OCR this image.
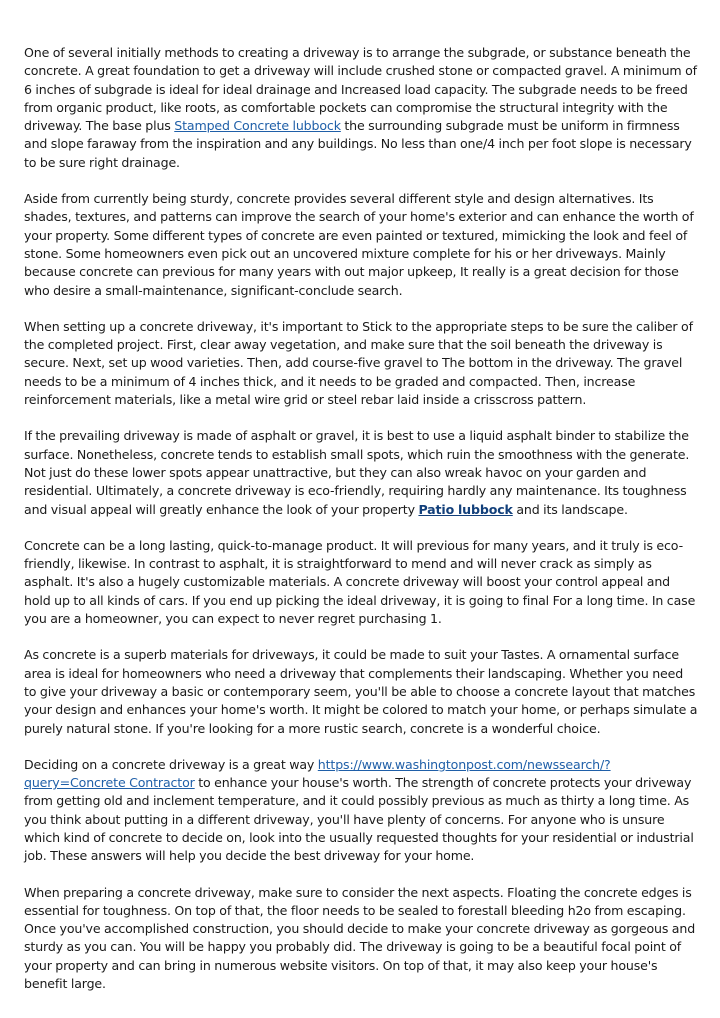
One of several initially methods to creating a driveway is to arrange the subgrade, or substance beneath the concrete. A great foundation to get a driveway will include crushed stone or compacted gravel. A minimum of 6 inches of subgrade is ideal for ideal drainage and Increased load capacity. The subgrade needs to be freed from organic product, like roots, as comfortable pockets can compromise the structural integrity with the driveway. The base plus Stamped Concrete lubbock the surrounding subgrade must be uniform in firmness and slope faraway from the inspiration and any buildings. No less than one/4 inch per foot slope is necessary to be sure right drainage.

Aside from currently being sturdy, concrete provides several different style and design alternatives. Its shades, textures, and patterns can improve the search of your home's exterior and can enhance the worth of your property. Some different types of concrete are even painted or textured, mimicking the look and feel of stone. Some homeowners even pick out an uncovered mixture complete for his or her driveways. Mainly because concrete can previous for many years with out major upkeep, It really is a great decision for those who desire a small-maintenance, significant-conclude search.

When setting up a concrete driveway, it's important to Stick to the appropriate steps to be sure the caliber of the completed project. First, clear away vegetation, and make sure that the soil beneath the driveway is secure. Next, set up wood varieties. Then, add course-five gravel to The bottom in the driveway. The gravel needs to be a minimum of 4 inches thick, and it needs to be graded and compacted. Then, increase reinforcement materials, like a metal wire grid or steel rebar laid inside a crisscross pattern.

If the prevailing driveway is made of asphalt or gravel, it is best to use a liquid asphalt binder to stabilize the surface. Nonetheless, concrete tends to establish small spots, which ruin the smoothness with the generate. Not just do these lower spots appear unattractive, but they can also wreak havoc on your garden and residential. Ultimately, a concrete driveway is eco-friendly, requiring hardly any maintenance. Its toughness and visual appeal will greatly enhance the look of your property Patio lubbock and its landscape.

Concrete can be a long lasting, quick-to-manage product. It will previous for many years, and it truly is eco-friendly, likewise. In contrast to asphalt, it is straightforward to mend and will never crack as simply as asphalt. It's also a hugely customizable materials. A concrete driveway will boost your control appeal and hold up to all kinds of cars. If you end up picking the ideal driveway, it is going to final For a long time. In case you are a homeowner, you can expect to never regret purchasing 1.

As concrete is a superb materials for driveways, it could be made to suit your Tastes. A ornamental surface area is ideal for homeowners who need a driveway that complements their landscaping. Whether you need to give your driveway a basic or contemporary seem, you'll be able to choose a concrete layout that matches your design and enhances your home's worth. It might be colored to match your home, or perhaps simulate a purely natural stone. If you're looking for a more rustic search, concrete is a wonderful choice.

Deciding on a concrete driveway is a great way https://www.washingtonpost.com/newssearch/?query=Concrete Contractor to enhance your house's worth. The strength of concrete protects your driveway from getting old and inclement temperature, and it could possibly previous as much as thirty a long time. As you think about putting in a different driveway, you'll have plenty of concerns. For anyone who is unsure which kind of concrete to decide on, look into the usually requested thoughts for your residential or industrial job. These answers will help you decide the best driveway for your home.

When preparing a concrete driveway, make sure to consider the next aspects. Floating the concrete edges is essential for toughness. On top of that, the floor needs to be sealed to forestall bleeding h2o from escaping. Once you've accomplished construction, you should decide to make your concrete driveway as gorgeous and sturdy as you can. You will be happy you probably did. The driveway is going to be a beautiful focal point of your property and can bring in numerous website visitors. On top of that, it may also keep your house's benefit large.
